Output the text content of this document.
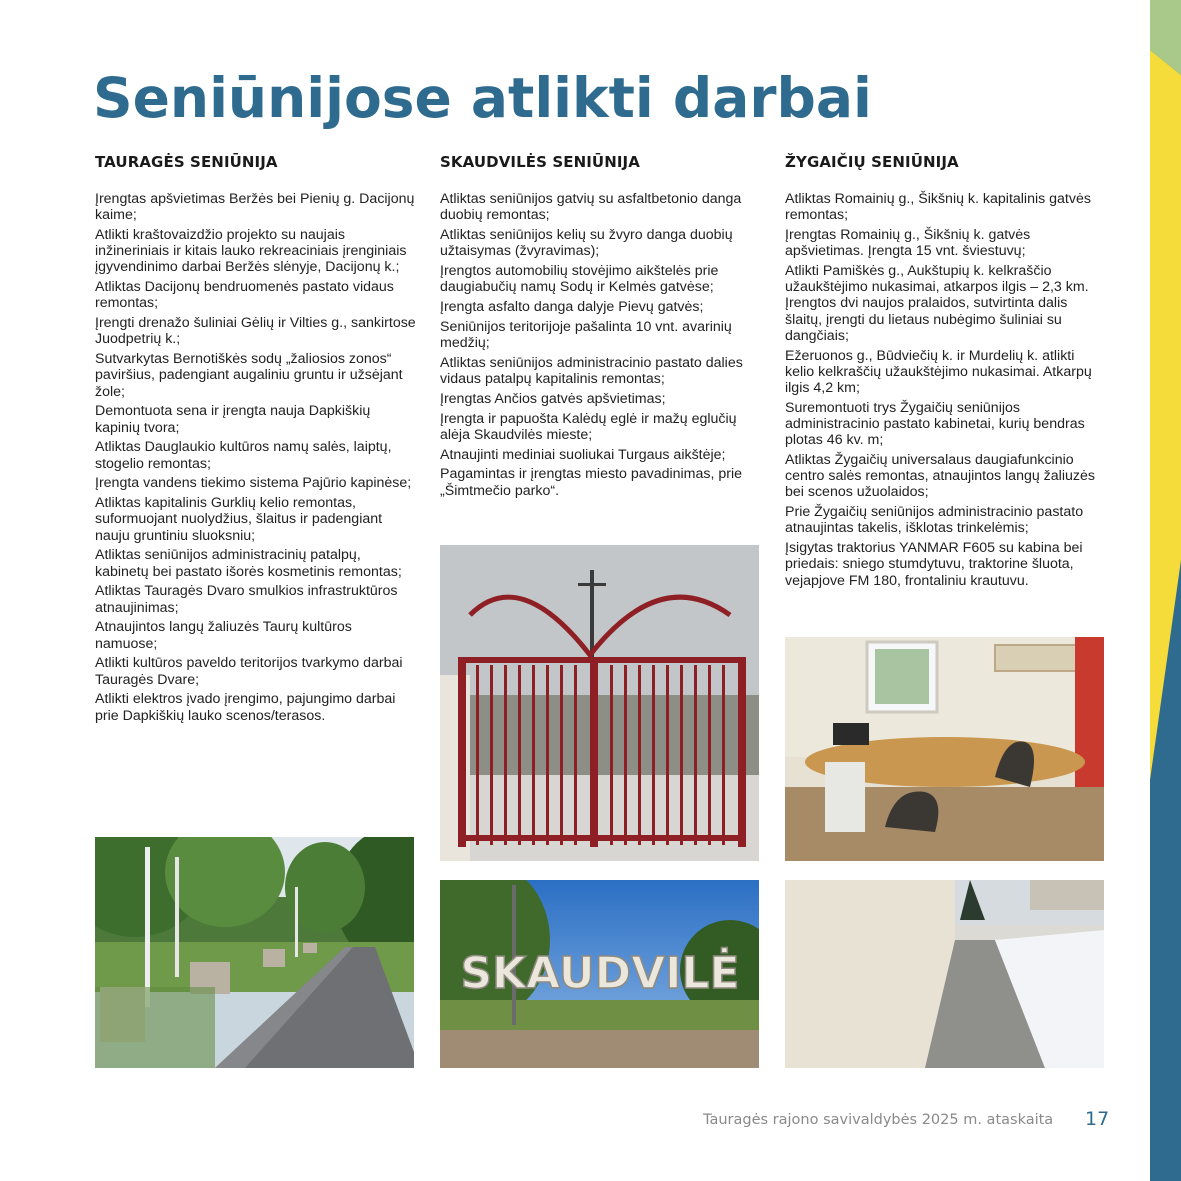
Seniūnijose atlikti darbai
TAURAGĖS SENIŪNIJA
Įrengtas apšvietimas Beržės bei Pienių g. Dacijonų kaime;
Atlikti kraštovaizdžio projekto su naujais inžineriniais ir kitais lauko rekreaciniais įrenginiais įgyvendinimo darbai Beržės slėnyje, Dacijonų k.;
Atliktas Dacijonų bendruomenės pastato vidaus remontas;
Įrengti drenažo šuliniai Gėlių ir Vilties g., sankirtose Juodpetrių k.;
Sutvarkytas Bernotiškės sodų „žaliosios zonos“ paviršius, padengiant augaliniu gruntu ir užsėjant žole;
Demontuota sena ir įrengta nauja Dapkiškių kapinių tvora;
Atliktas Dauglaukio kultūros namų salės, laiptų, stogelio remontas;
Įrengta vandens tiekimo sistema Pajūrio kapinėse;
Atliktas kapitalinis Gurklių kelio remontas, suformuojant nuolydžius, šlaitus ir padengiant nauju gruntiniu sluoksniu;
Atliktas seniūnijos administracinių patalpų, kabinetų bei pastato išorės kosmetinis remontas;
Atliktas Tauragės Dvaro smulkios infrastruktūros atnaujinimas;
Atnaujintos langų žaliuzės Taurų kultūros namuose;
Atlikti kultūros paveldo teritorijos tvarkymo darbai Tauragės Dvare;
Atlikti elektros įvado įrengimo, pajungimo darbai prie Dapkiškių lauko scenos/terasos.
SKAUDVILĖS SENIŪNIJA
Atliktas seniūnijos gatvių su asfaltbetonio danga duobių remontas;
Atliktas seniūnijos kelių su žvyro danga duobių užtaisymas (žvyravimas);
Įrengtos automobilių stovėjimo aikštelės prie daugiabučių namų Sodų ir Kelmės gatvėse;
Įrengta asfalto danga dalyje Pievų gatvės;
Seniūnijos teritorijoje pašalinta 10 vnt. avarinių medžių;
Atliktas seniūnijos administracinio pastato dalies vidaus patalpų kapitalinis remontas;
Įrengtas Ančios gatvės apšvietimas;
Įrengta ir papuošta Kalėdų eglė ir mažų eglučių alėja Skaudvilės mieste;
Atnaujinti mediniai suoliukai Turgaus aikštėje;
Pagamintas ir įrengtas miesto pavadinimas, prie „Šimtmečio parko“.
ŽYGAIČIŲ SENIŪNIJA
Atliktas Romainių g., Šikšnių k. kapitalinis gatvės remontas;
Įrengtas Romainių g., Šikšnių k. gatvės apšvietimas. Įrengta 15 vnt. šviestuvų;
Atlikti Pamiškės g., Aukštupių k. kelkraščio užaukštėjimo nukasimai, atkarpos ilgis – 2,3 km. Įrengtos dvi naujos pralaidos, sutvirtinta dalis šlaitų, įrengti du lietaus nubėgimo šuliniai su dangčiais;
Ežeruonos g., Būdviečių k. ir Murdelių k. atlikti kelio kelkraščių užaukštėjimo nukasimai. Atkarpų ilgis 4,2 km;
Suremontuoti trys Žygaičių seniūnijos administracinio pastato kabinetai, kurių bendras plotas 46 kv. m;
Atliktas Žygaičių universalaus daugiafunkcinio centro salės remontas, atnaujintos langų žaliuzės bei scenos užuolaidos;
Prie Žygaičių seniūnijos administracinio pastato atnaujintas takelis, išklotas trinkelėmis;
Įsigytas traktorius YANMAR F605 su kabina bei priedais: sniego stumdytuvu, traktorine šluota, vejapjove FM 180, frontaliniu krautuvu.
SKAUDVILĖ
Tauragės rajono savivaldybės 2025 m. ataskaita 17
